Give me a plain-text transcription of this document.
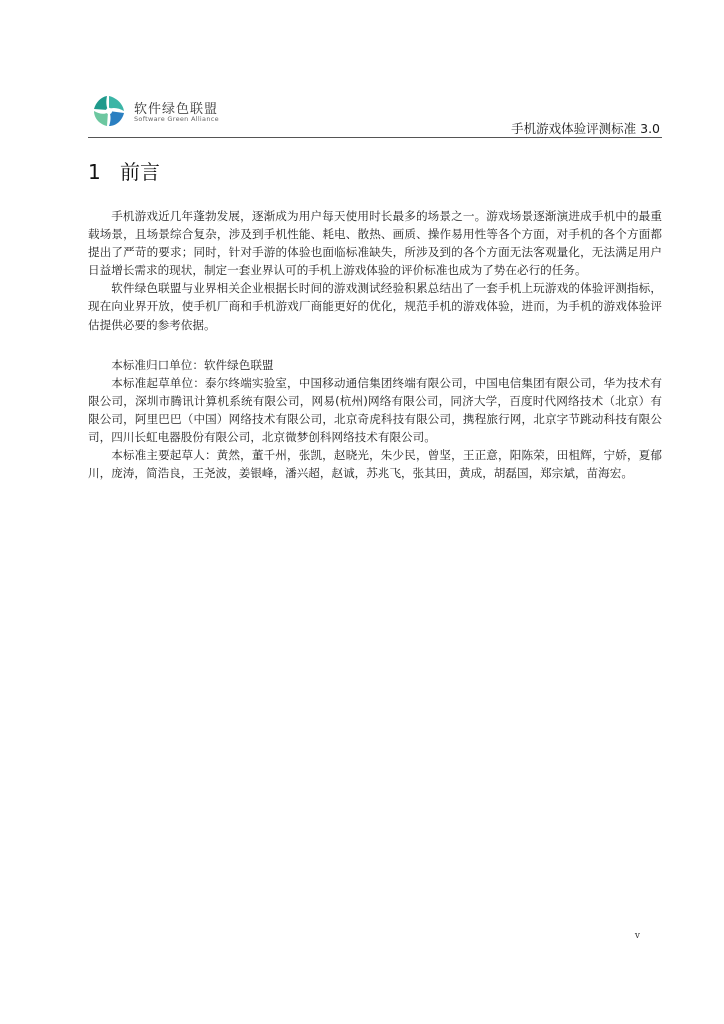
软件绿色联盟
Software Green Alliance
手机游戏体验评测标准 3.0
1 前言

手机游戏近几年蓬勃发展，逐渐成为用户每天使用时长最多的场景之一。游戏场景逐渐演进成手机中的最重载场景，且场景综合复杂，涉及到手机性能、耗电、散热、画质、操作易用性等各个方面，对手机的各个方面都提出了严苛的要求；同时，针对手游的体验也面临标准缺失，所涉及到的各个方面无法客观量化，无法满足用户日益增长需求的现状，制定一套业界认可的手机上游戏体验的评价标准也成为了势在必行的任务。

软件绿色联盟与业界相关企业根据长时间的游戏测试经验积累总结出了一套手机上玩游戏的体验评测指标，现在向业界开放，使手机厂商和手机游戏厂商能更好的优化，规范手机的游戏体验，进而，为手机的游戏体验评估提供必要的参考依据。

本标准归口单位：软件绿色联盟

本标准起草单位：泰尔终端实验室，中国移动通信集团终端有限公司，中国电信集团有限公司，华为技术有限公司，深圳市腾讯计算机系统有限公司，网易(杭州)网络有限公司，同济大学，百度时代网络技术（北京）有限公司，阿里巴巴（中国）网络技术有限公司，北京奇虎科技有限公司，携程旅行网，北京字节跳动科技有限公司，四川长虹电器股份有限公司，北京微梦创科网络技术有限公司。

本标准主要起草人：黄然，董千州，张凯，赵晓光，朱少民，曾坚，王正意，阳陈荣，田柤辉，宁娇，夏郁川，庞涛，简浩良，王尧波，姜银峰，潘兴超，赵诚，苏兆飞，张其田，黄成，胡磊国，郑宗斌，苗海宏。

v
